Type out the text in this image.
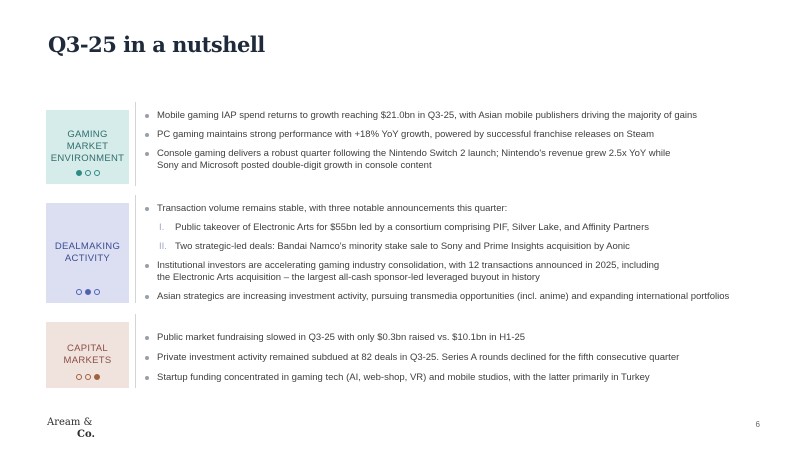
Q3-25 in a nutshell
GAMING
MARKET
ENVIRONMENT
Mobile gaming IAP spend returns to growth reaching $21.0bn in Q3-25, with Asian mobile publishers driving the majority of gains
PC gaming maintains strong performance with +18% YoY growth, powered by successful franchise releases on Steam
Console gaming delivers a robust quarter following the Nintendo Switch 2 launch; Nintendo's revenue grew 2.5x YoY while
Sony and Microsoft posted double-digit growth in console content
DEALMAKING
ACTIVITY
Transaction volume remains stable, with three notable announcements this quarter:
I. Public takeover of Electronic Arts for $55bn led by a consortium comprising PIF, Silver Lake, and Affinity Partners
II. Two strategic-led deals: Bandai Namco's minority stake sale to Sony and Prime Insights acquisition by Aonic
Institutional investors are accelerating gaming industry consolidation, with 12 transactions announced in 2025, including
the Electronic Arts acquisition – the largest all-cash sponsor-led leveraged buyout in history
Asian strategics are increasing investment activity, pursuing transmedia opportunities (incl. anime) and expanding international portfolios
CAPITAL
MARKETS
Public market fundraising slowed in Q3-25 with only $0.3bn raised vs. $10.1bn in H1-25
Private investment activity remained subdued at 82 deals in Q3-25. Series A rounds declined for the fifth consecutive quarter
Startup funding concentrated in gaming tech (AI, web-shop, VR) and mobile studios, with the latter primarily in Turkey
Aream &
Co.
6
